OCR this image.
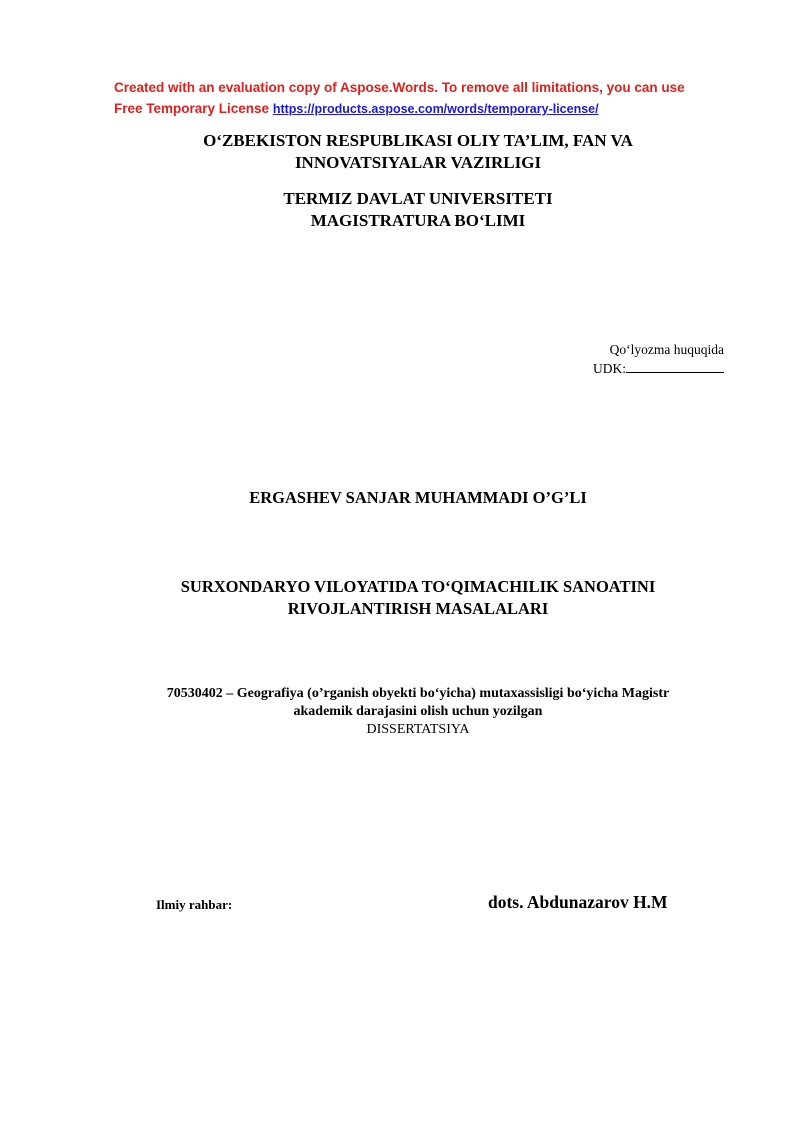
Created with an evaluation copy of Aspose.Words. To remove all limitations, you can use
Free Temporary License https://products.aspose.com/words/temporary-license/
O‘ZBEKISTON RESPUBLIKASI OLIY TA’LIM, FAN VA
INNOVATSIYALAR VAZIRLIGI
TERMIZ DAVLAT UNIVERSITETI
MAGISTRATURA BO‘LIMI
Qo‘lyozma huquqida
UDK:
ERGASHEV SANJAR MUHAMMADI O’G’LI
SURXONDARYO VILOYATIDA TO‘QIMACHILIK SANOATINI
RIVOJLANTIRISH MASALALARI
70530402 – Geografiya (o’rganish obyekti bo‘yicha) mutaxassisligi bo‘yicha Magistr
akademik darajasini olish uchun yozilgan
DISSERTATSIYA
Ilmiy rahbar:	dots. Abdunazarov H.M
